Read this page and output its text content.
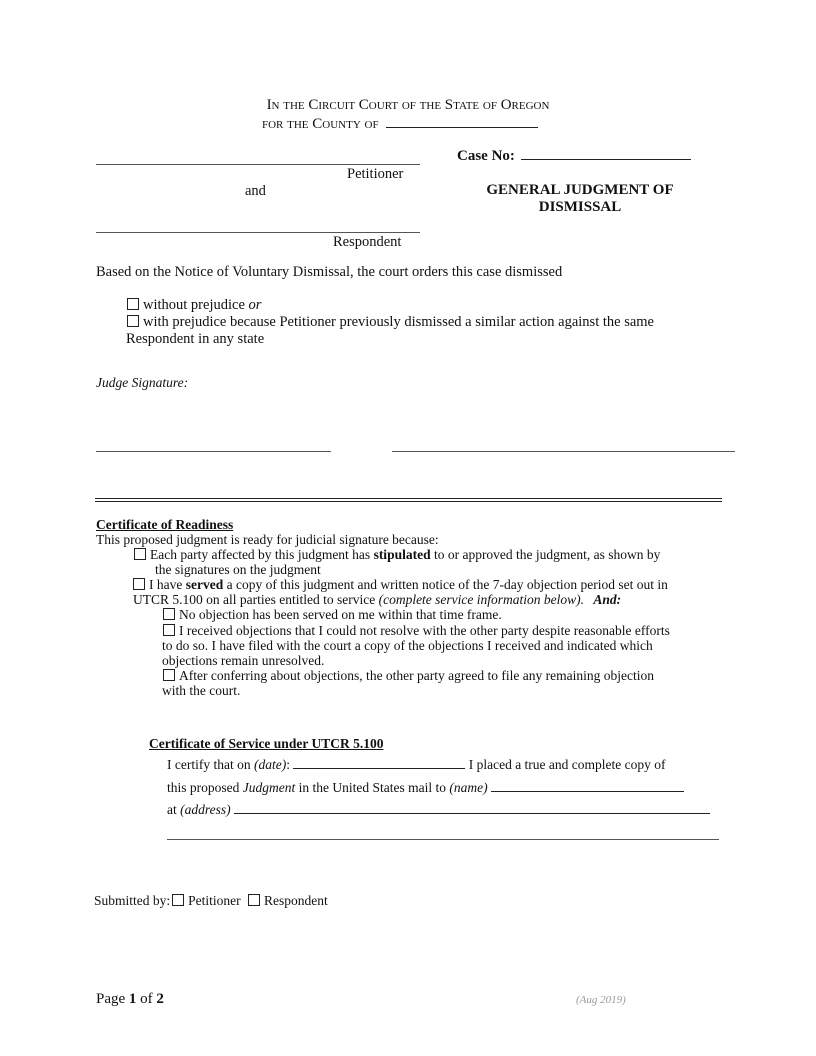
In the Circuit Court of the State of Oregon
for the County of
Petitioner
and
Respondent
Case No:
GENERAL JUDGMENT OF
DISMISSAL
Based on the Notice of Voluntary Dismissal, the court orders this case dismissed
without prejudice or
with prejudice because Petitioner previously dismissed a similar action against the same
Respondent in any state
Judge Signature:
Certificate of Readiness
This proposed judgment is ready for judicial signature because:
Each party affected by this judgment has stipulated to or approved the judgment, as shown by
the signatures on the judgment
I have served a copy of this judgment and written notice of the 7-day objection period set out in
UTCR 5.100 on all parties entitled to service (complete service information below). And:
No objection has been served on me within that time frame.
I received objections that I could not resolve with the other party despite reasonable efforts
to do so. I have filed with the court a copy of the objections I received and indicated which
objections remain unresolved.
After conferring about objections, the other party agreed to file any remaining objection
with the court.
Certificate of Service under UTCR 5.100
I certify that on (date):	I placed a true and complete copy of
this proposed Judgment in the United States mail to (name)
at (address)
Submitted by: Petitioner Respondent
Page 1 of 2	(Aug 2019)
